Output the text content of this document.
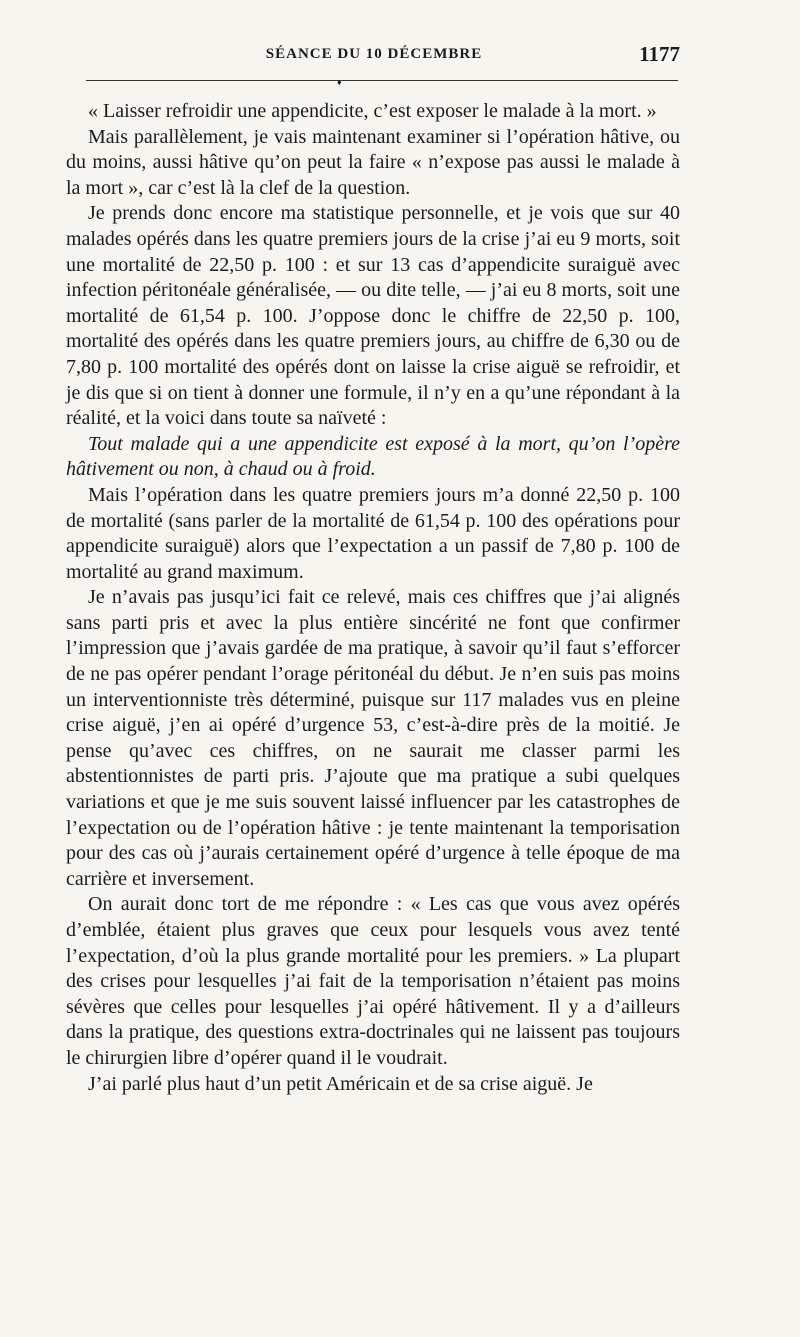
SÉANCE DU 10 DÉCEMBRE	1177
♦

« Laisser refroidir une appendicite, c’est exposer le malade à la mort. »

Mais parallèlement, je vais maintenant examiner si l’opération hâtive, ou du moins, aussi hâtive qu’on peut la faire « n’expose pas aussi le malade à la mort », car c’est là la clef de la question.

Je prends donc encore ma statistique personnelle, et je vois que sur 40 malades opérés dans les quatre premiers jours de la crise j’ai eu 9 morts, soit une mortalité de 22,50 p. 100 : et sur 13 cas d’appendicite suraiguë avec infection péritonéale généralisée, — ou dite telle, — j’ai eu 8 morts, soit une mortalité de 61,54 p. 100. J’oppose donc le chiffre de 22,50 p. 100, mortalité des opérés dans les quatre premiers jours, au chiffre de 6,30 ou de 7,80 p. 100 mortalité des opérés dont on laisse la crise aiguë se refroidir, et je dis que si on tient à donner une formule, il n’y en a qu’une répondant à la réalité, et la voici dans toute sa naïveté :

Tout malade qui a une appendicite est exposé à la mort, qu’on l’opère hâtivement ou non, à chaud ou à froid.

Mais l’opération dans les quatre premiers jours m’a donné 22,50 p. 100 de mortalité (sans parler de la mortalité de 61,54 p. 100 des opérations pour appendicite suraiguë) alors que l’expectation a un passif de 7,80 p. 100 de mortalité au grand maximum.

Je n’avais pas jusqu’ici fait ce relevé, mais ces chiffres que j’ai alignés sans parti pris et avec la plus entière sincérité ne font que confirmer l’impression que j’avais gardée de ma pratique, à savoir qu’il faut s’efforcer de ne pas opérer pendant l’orage péritonéal du début. Je n’en suis pas moins un interventionniste très déterminé, puisque sur 117 malades vus en pleine crise aiguë, j’en ai opéré d’urgence 53, c’est-à-dire près de la moitié. Je pense qu’avec ces chiffres, on ne saurait me classer parmi les abstentionnistes de parti pris. J’ajoute que ma pratique a subi quelques variations et que je me suis souvent laissé influencer par les catastrophes de l’expectation ou de l’opération hâtive : je tente maintenant la temporisation pour des cas où j’aurais certainement opéré d’urgence à telle époque de ma carrière et inversement.

On aurait donc tort de me répondre : « Les cas que vous avez opérés d’emblée, étaient plus graves que ceux pour lesquels vous avez tenté l’expectation, d’où la plus grande mortalité pour les premiers. » La plupart des crises pour lesquelles j’ai fait de la temporisation n’étaient pas moins sévères que celles pour lesquelles j’ai opéré hâtivement. Il y a d’ailleurs dans la pratique, des questions extra-doctrinales qui ne laissent pas toujours le chirurgien libre d’opérer quand il le voudrait.

J’ai parlé plus haut d’un petit Américain et de sa crise aiguë. Je
